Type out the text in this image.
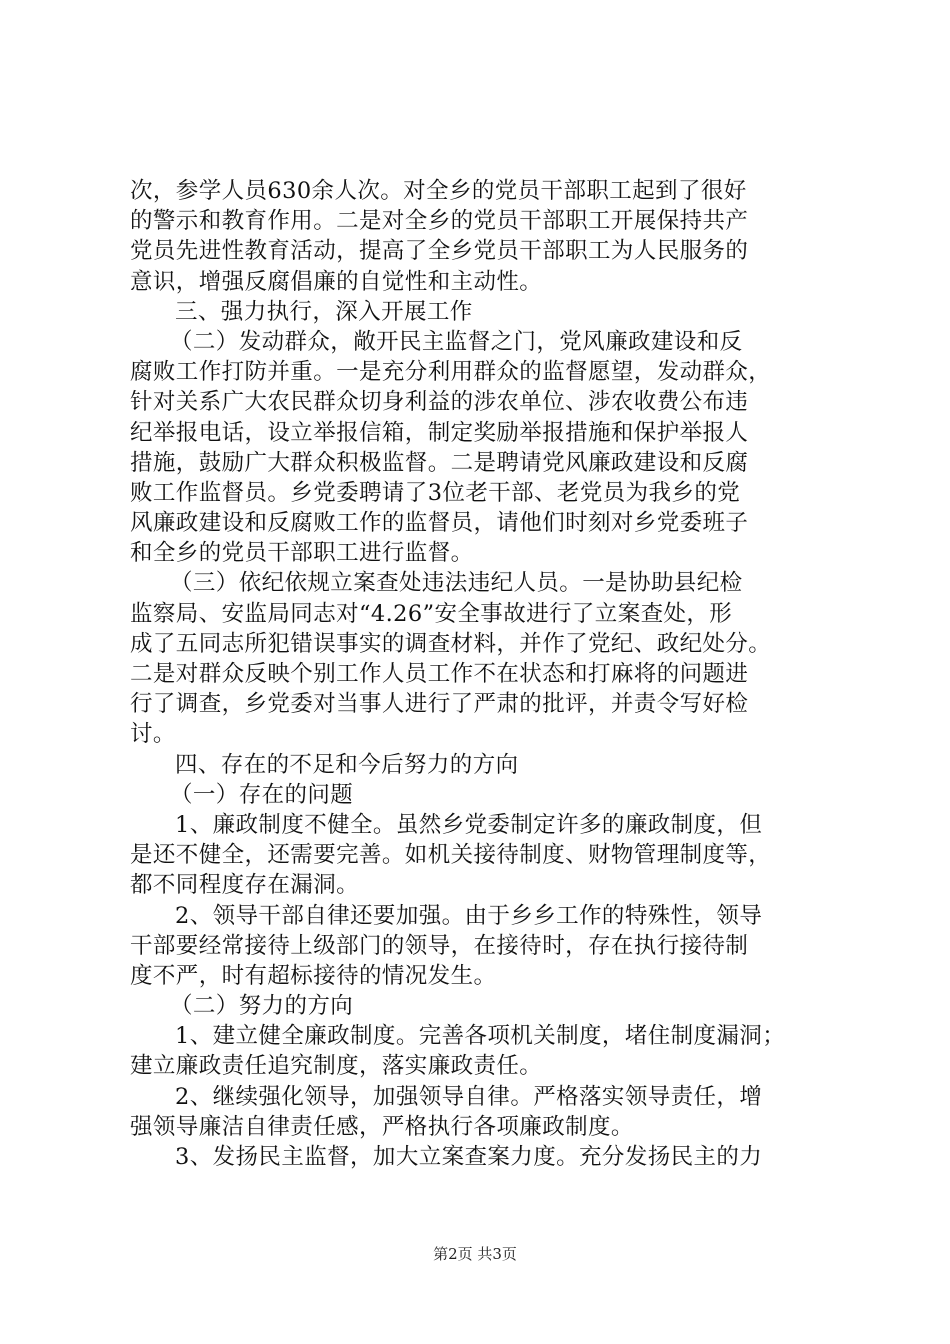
次，参学人员630余人次。对全乡的党员干部职工起到了很好
的警示和教育作用。二是对全乡的党员干部职工开展保持共产
党员先进性教育活动，提高了全乡党员干部职工为人民服务的
意识，增强反腐倡廉的自觉性和主动性。
三、强力执行，深入开展工作
（二）发动群众，敞开民主监督之门，党风廉政建设和反
腐败工作打防并重。一是充分利用群众的监督愿望，发动群众，
针对关系广大农民群众切身利益的涉农单位、涉农收费公布违
纪举报电话，设立举报信箱，制定奖励举报措施和保护举报人
措施，鼓励广大群众积极监督。二是聘请党风廉政建设和反腐
败工作监督员。乡党委聘请了3位老干部、老党员为我乡的党
风廉政建设和反腐败工作的监督员，请他们时刻对乡党委班子
和全乡的党员干部职工进行监督。
（三）依纪依规立案查处违法违纪人员。一是协助县纪检
监察局、安监局同志对“4.26”安全事故进行了立案查处，形
成了五同志所犯错误事实的调查材料，并作了党纪、政纪处分。
二是对群众反映个别工作人员工作不在状态和打麻将的问题进
行了调查，乡党委对当事人进行了严肃的批评，并责令写好检
讨。
四、存在的不足和今后努力的方向
（一）存在的问题
1、廉政制度不健全。虽然乡党委制定许多的廉政制度，但
是还不健全，还需要完善。如机关接待制度、财物管理制度等，
都不同程度存在漏洞。
2、领导干部自律还要加强。由于乡乡工作的特殊性，领导
干部要经常接待上级部门的领导，在接待时，存在执行接待制
度不严，时有超标接待的情况发生。
（二）努力的方向
1、建立健全廉政制度。完善各项机关制度，堵住制度漏洞；
建立廉政责任追究制度，落实廉政责任。
2、继续强化领导，加强领导自律。严格落实领导责任，增
强领导廉洁自律责任感，严格执行各项廉政制度。
3、发扬民主监督，加大立案查案力度。充分发扬民主的力
第2页 共3页
